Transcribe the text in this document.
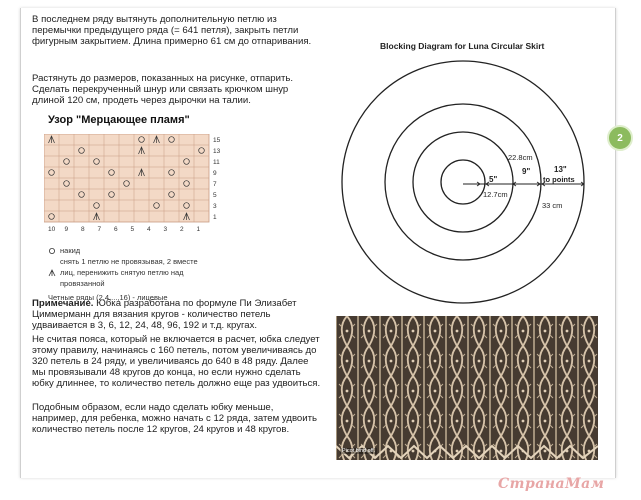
В последнем ряду вытянуть дополнительную петлю из перемычки предыдущего ряда (= 641 петля), закрыть петли фигурным закрытием. Длина примерно 61 см до отпаривания.

Растянуть до размеров, показанных на рисунке, отпарить. Сделать перекрученный шнур или связать крючком шнур длиной 120 см, продеть через дырочки на талии.

Узор "Мерцающее пламя"
15
13
11
9
7
5
3
1
10 9 8 7 6 5 4 3 2 1
накид
снять 1 петлю не провязывая, 2 вместе лиц, перенижить снятую петлю над провязанной
Четные ряды (2,4,...,16) - лицевые

Примечание. Юбка разработана по формуле Пи Элизабет Циммерманн для вязания кругов - количество петель удваивается в 3, 6, 12, 24, 48, 96, 192 и т.д. кругах.

Не считая пояса, который не включается в расчет, юбка следует этому правилу, начинаясь с 160 петель, потом увеличиваясь до 320 петель в 24 ряду, и увеличиваясь до 640 в 48 ряду. Далее мы провязывали 48 кругов до конца, но если нужно сделать юбку длиннее, то количество петель должно еще раз удвоиться.

Подобным образом, если надо сделать юбку меньше, например, для ребенка, можно начать с 12 ряда, затем удвоить количество петель после 12 кругов, 24 кругов и 48 кругов.

Blocking Diagram for Luna Circular Skirt
22.8cm
5"
12.7cm
9"	13"
to points
33 cm
Picot bind off.
2
СтранаМам
